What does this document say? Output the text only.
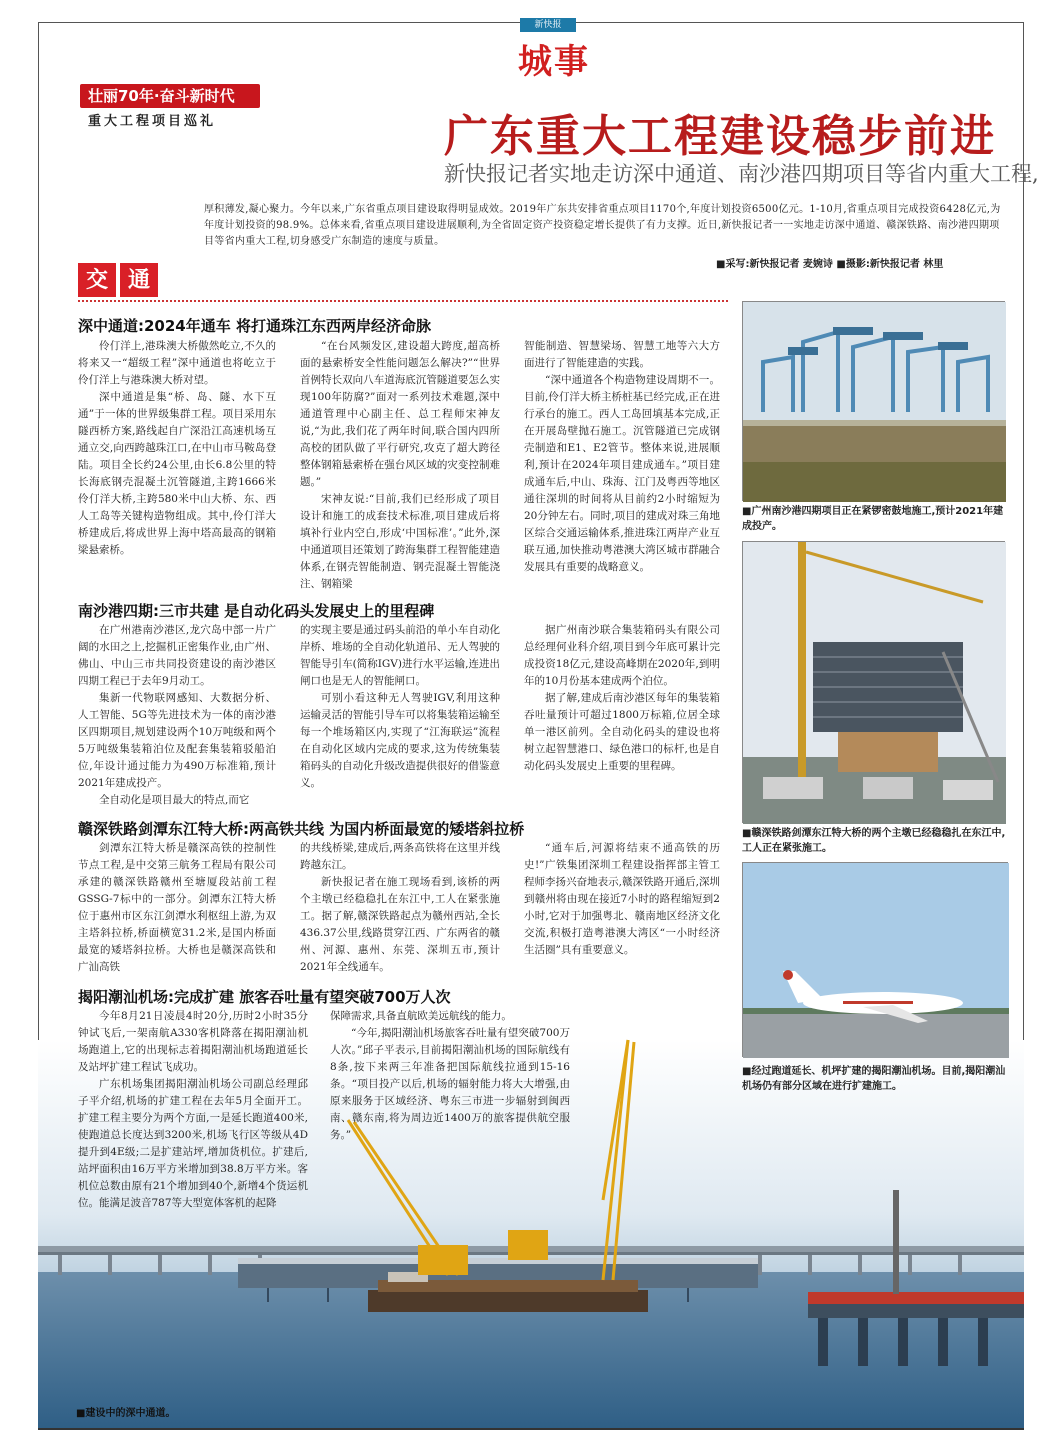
新快报
城事
壮丽70年·奋斗新时代
重大工程项目巡礼	广东重大工程建设稳步前进
新快报记者实地走访深中通道、南沙港四期项目等省内重大工程,
厚积薄发,凝心聚力。今年以来,广东省重点项目建设取得明显成效。2019年广东共安排省重点项目1170个,年度计划投资6500亿元。1-10月,省重点项目完成投资6428亿元,为年度计划投资的98.9%。总体来看,省重点项目建设进展顺利,为全省固定资产投资稳定增长提供了有力支撑。近日,新快报记者一一实地走访深中通道、赣深铁路、南沙港四期项目等省内重大工程,切身感受广东制造的速度与质量。
■采写:新快报记者 麦婉诗 ■摄影:新快报记者 林里
交 通
深中通道:2024年通车 将打通珠江东西两岸经济命脉

伶仃洋上,港珠澳大桥傲然屹立,不久的将来又一“超级工程”深中通道也将屹立于伶仃洋上与港珠澳大桥对望。

深中通道是集“桥、岛、隧、水下互通”于一体的世界级集群工程。项目采用东隧西桥方案,路线起自广深沿江高速机场互通立交,向西跨越珠江口,在中山市马鞍岛登陆。项目全长约24公里,由长6.8公里的特长海底钢壳混凝土沉管隧道,主跨1666米伶仃洋大桥,主跨580米中山大桥、东、西人工岛等关键构造物组成。其中,伶仃洋大桥建成后,将成世界上海中塔高最高的钢箱梁悬索桥。

“在台风频发区,建设超大跨度,超高桥面的悬索桥安全性能问题怎么解决?”“世界首例特长双向八车道海底沉管隧道要怎么实现100年防腐?”面对一系列技术难题,深中通道管理中心副主任、总工程师宋神友说,“为此,我们花了两年时间,联合国内四所高校的团队做了平行研究,攻克了超大跨径整体钢箱悬索桥在强台风区域的灾变控制难题。”

宋神友说:“目前,我们已经形成了项目设计和施工的成套技术标准,项目建成后将填补行业内空白,形成‘中国标准’。”此外,深中通道项目还策划了跨海集群工程智能建造体系,在钢壳智能制造、钢壳混凝土智能浇注、钢箱梁

智能制造、智慧梁场、智慧工地等六大方面进行了智能建造的实践。

“深中通道各个构造物建设周期不一。目前,伶仃洋大桥主桥桩基已经完成,正在进行承台的施工。西人工岛回填基本完成,正在开展岛壁抛石施工。沉管隧道已完成钢壳制造和E1、E2管节。整体来说,进展顺利,预计在2024年项目建成通车。”项目建成通车后,中山、珠海、江门及粤西等地区通往深圳的时间将从目前约2小时缩短为20分钟左右。同时,项目的建成对珠三角地区综合交通运输体系,推进珠江两岸产业互联互通,加快推动粤港澳大湾区城市群融合发展具有重要的战略意义。

南沙港四期:三市共建 是自动化码头发展史上的里程碑

在广州港南沙港区,龙穴岛中部一片广阔的水田之上,挖掘机正密集作业,由广州、佛山、中山三市共同投资建设的南沙港区四期工程已于去年9月动工。

集新一代物联网感知、大数据分析、人工智能、5G等先进技术为一体的南沙港区四期项目,规划建设两个10万吨级和两个5万吨级集装箱泊位及配套集装箱驳船泊位,年设计通过能力为490万标准箱,预计2021年建成投产。

全自动化是项目最大的特点,而它

的实现主要是通过码头前沿的单小车自动化岸桥、堆场的全自动化轨道吊、无人驾驶的智能导引车(简称IGV)进行水平运输,连进出闸口也是无人的智能闸口。

可别小看这种无人驾驶IGV,利用这种运输灵活的智能引导车可以将集装箱运输至每一个堆场箱区内,实现了“江海联运”流程在自动化区域内完成的要求,这为传统集装箱码头的自动化升级改造提供很好的借鉴意义。

据广州南沙联合集装箱码头有限公司总经理何业科介绍,项目到今年底可累计完成投资18亿元,建设高峰期在2020年,到明年的10月份基本建成两个泊位。

据了解,建成后南沙港区每年的集装箱吞吐量预计可超过1800万标箱,位居全球单一港区前列。全自动化码头的建设也将树立起智慧港口、绿色港口的标杆,也是自动化码头发展史上重要的里程碑。

赣深铁路剑潭东江特大桥:两高铁共线 为国内桥面最宽的矮塔斜拉桥

剑潭东江特大桥是赣深高铁的控制性节点工程,是中交第三航务工程局有限公司承建的赣深铁路赣州至塘厦段站前工程GSSG-7标中的一部分。剑潭东江特大桥位于惠州市区东江剑潭水利枢纽上游,为双主塔斜拉桥,桥面横宽31.2米,是国内桥面最宽的矮塔斜拉桥。大桥也是赣深高铁和广汕高铁

的共线桥梁,建成后,两条高铁将在这里并线跨越东江。

新快报记者在施工现场看到,该桥的两个主墩已经稳稳扎在东江中,工人在紧张施工。据了解,赣深铁路起点为赣州西站,全长436.37公里,线路贯穿江西、广东两省的赣州、河源、惠州、东莞、深圳五市,预计2021年全线通车。

“通车后,河源将结束不通高铁的历史!”广铁集团深圳工程建设指挥部主管工程师李扬兴奋地表示,赣深铁路开通后,深圳到赣州将由现在接近7小时的路程缩短到2小时,它对于加强粤北、赣南地区经济文化交流,积极打造粤港澳大湾区“一小时经济生活圈”具有重要意义。

揭阳潮汕机场:完成扩建 旅客吞吐量有望突破700万人次

今年8月21日凌晨4时20分,历时2小时35分钟试飞后,一架南航A330客机降落在揭阳潮汕机场跑道上,它的出现标志着揭阳潮汕机场跑道延长及站坪扩建工程试飞成功。

广东机场集团揭阳潮汕机场公司副总经理邱子平介绍,机场的扩建工程在去年5月全面开工。扩建工程主要分为两个方面,一是延长跑道400米,使跑道总长度达到3200米,机场飞行区等级从4D提升到4E级;二是扩建站坪,增加货机位。扩建后,站坪面积由16万平方米增加到38.8万平方米。客机位总数由原有21个增加到40个,新增4个货运机位。能满足波音787等大型宽体客机的起降

保障需求,具备直航欧美远航线的能力。

“今年,揭阳潮汕机场旅客吞吐量有望突破700万人次。”邱子平表示,目前揭阳潮汕机场的国际航线有8条,按下来两三年准备把国际航线拉通到15-16条。“项目投产以后,机场的辐射能力将大大增强,由原来服务于区域经济、粤东三市进一步辐射到闽西南、赣东南,将为周边近1400万的旅客提供航空服务。”

■广州南沙港四期项目正在紧锣密鼓地施工,预计2021年建成投产。
■赣深铁路剑潭东江特大桥的两个主墩已经稳稳扎在东江中,工人正在紧张施工。
■经过跑道延长、机坪扩建的揭阳潮汕机场。目前,揭阳潮汕机场仍有部分区域在进行扩建施工。
■建设中的深中通道。
